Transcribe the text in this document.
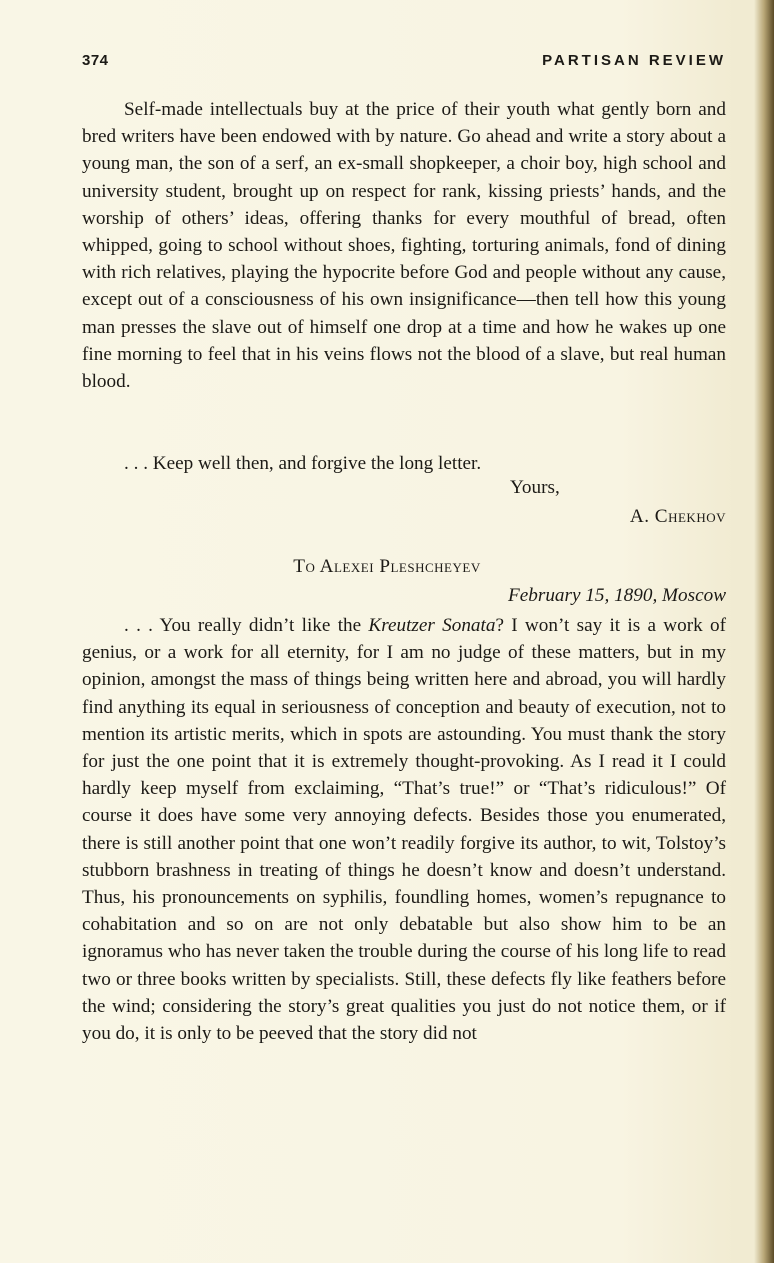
374	PARTISAN REVIEW

Self-made intellectuals buy at the price of their youth what gently born and bred writers have been endowed with by nature. Go ahead and write a story about a young man, the son of a serf, an ex-small shopkeeper, a choir boy, high school and university student, brought up on respect for rank, kissing priests’ hands, and the worship of others’ ideas, offering thanks for every mouthful of bread, often whipped, going to school without shoes, fighting, torturing animals, fond of dining with rich relatives, playing the hypocrite before God and people without any cause, except out of a consciousness of his own insignificance—then tell how this young man presses the slave out of himself one drop at a time and how he wakes up one fine morning to feel that in his veins flows not the blood of a slave, but real human blood.

. . . Keep well then, and forgive the long letter.
Yours,
A. Chekhov
To Alexei Pleshcheyev
February 15, 1890, Moscow

. . . You really didn’t like the Kreutzer Sonata? I won’t say it is a work of genius, or a work for all eternity, for I am no judge of these matters, but in my opinion, amongst the mass of things being written here and abroad, you will hardly find anything its equal in seriousness of conception and beauty of execution, not to mention its artistic merits, which in spots are astounding. You must thank the story for just the one point that it is extremely thought-provoking. As I read it I could hardly keep myself from exclaiming, “That’s true!” or “That’s ridiculous!” Of course it does have some very annoying defects. Besides those you enumerated, there is still another point that one won’t readily forgive its author, to wit, Tolstoy’s stubborn brashness in treating of things he doesn’t know and doesn’t understand. Thus, his pronouncements on syphilis, foundling homes, women’s repugnance to cohabitation and so on are not only debatable but also show him to be an ignoramus who has never taken the trouble during the course of his long life to read two or three books written by specialists. Still, these defects fly like feathers before the wind; considering the story’s great qualities you just do not notice them, or if you do, it is only to be peeved that the story did not
